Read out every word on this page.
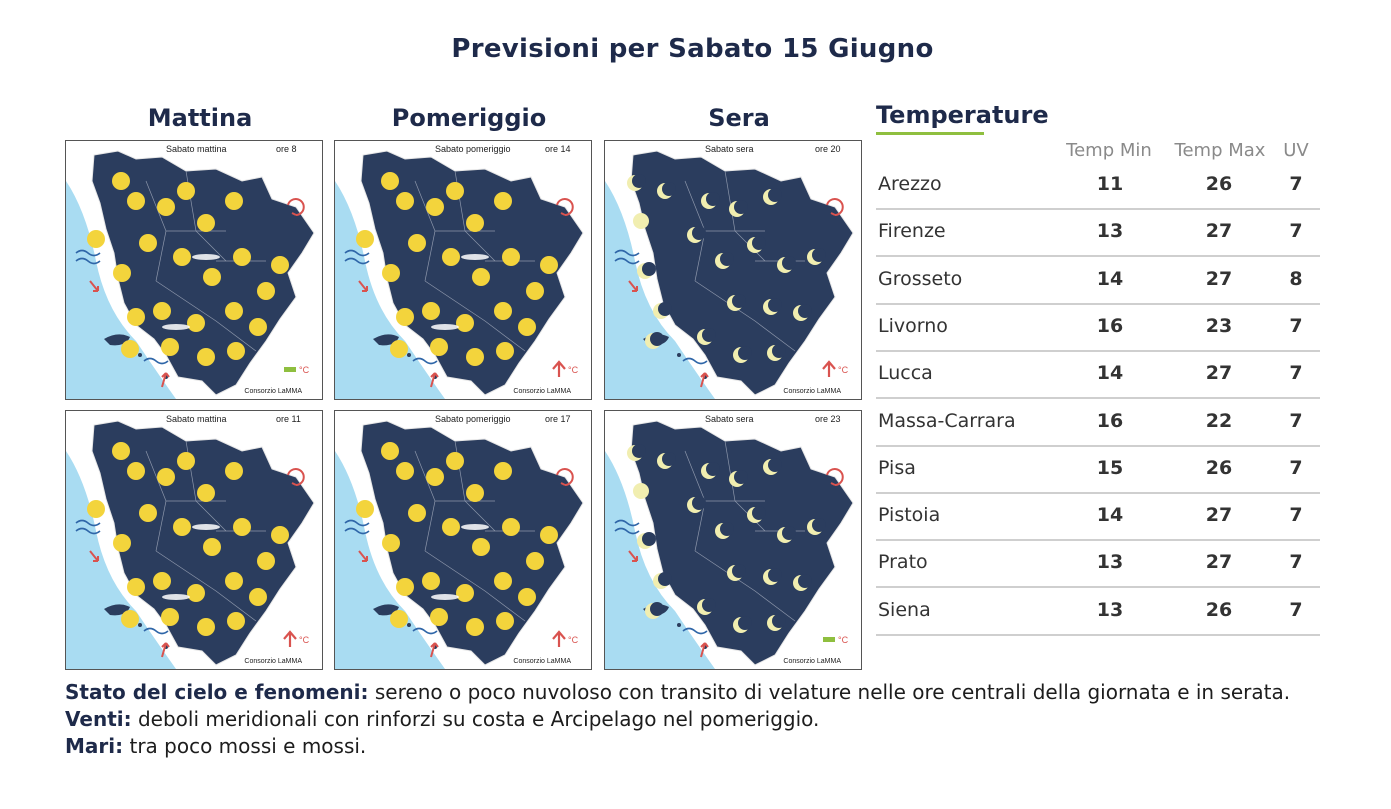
Previsioni per Sabato 15 Giugno
Mattina	Pomeriggio	Sera
°C
Sabato mattina	ore 8
Consorzio LaMMA
°C
Sabato pomeriggio	ore 14
Consorzio LaMMA
°C
Sabato sera	ore 20
Consorzio LaMMA
°C
Sabato mattina	ore 11
Consorzio LaMMA
°C
Sabato pomeriggio	ore 17
Consorzio LaMMA
°C
Sabato sera	ore 23
Consorzio LaMMA
Temperature
Temp Min	Temp Max UV
Arezzo	11	26	7
Firenze	13	27	7
Grosseto	14	27	8
Livorno	16	23	7
Lucca	14	27	7
Massa-Carrara	16	22	7
Pisa	15	26	7
Pistoia	14	27	7
Prato	13	27	7
Siena	13	26	7
Stato del cielo e fenomeni: sereno o poco nuvoloso con transito di velature nelle ore centrali della giornata e in serata.
Venti: deboli meridionali con rinforzi su costa e Arcipelago nel pomeriggio.
Mari: tra poco mossi e mossi.
